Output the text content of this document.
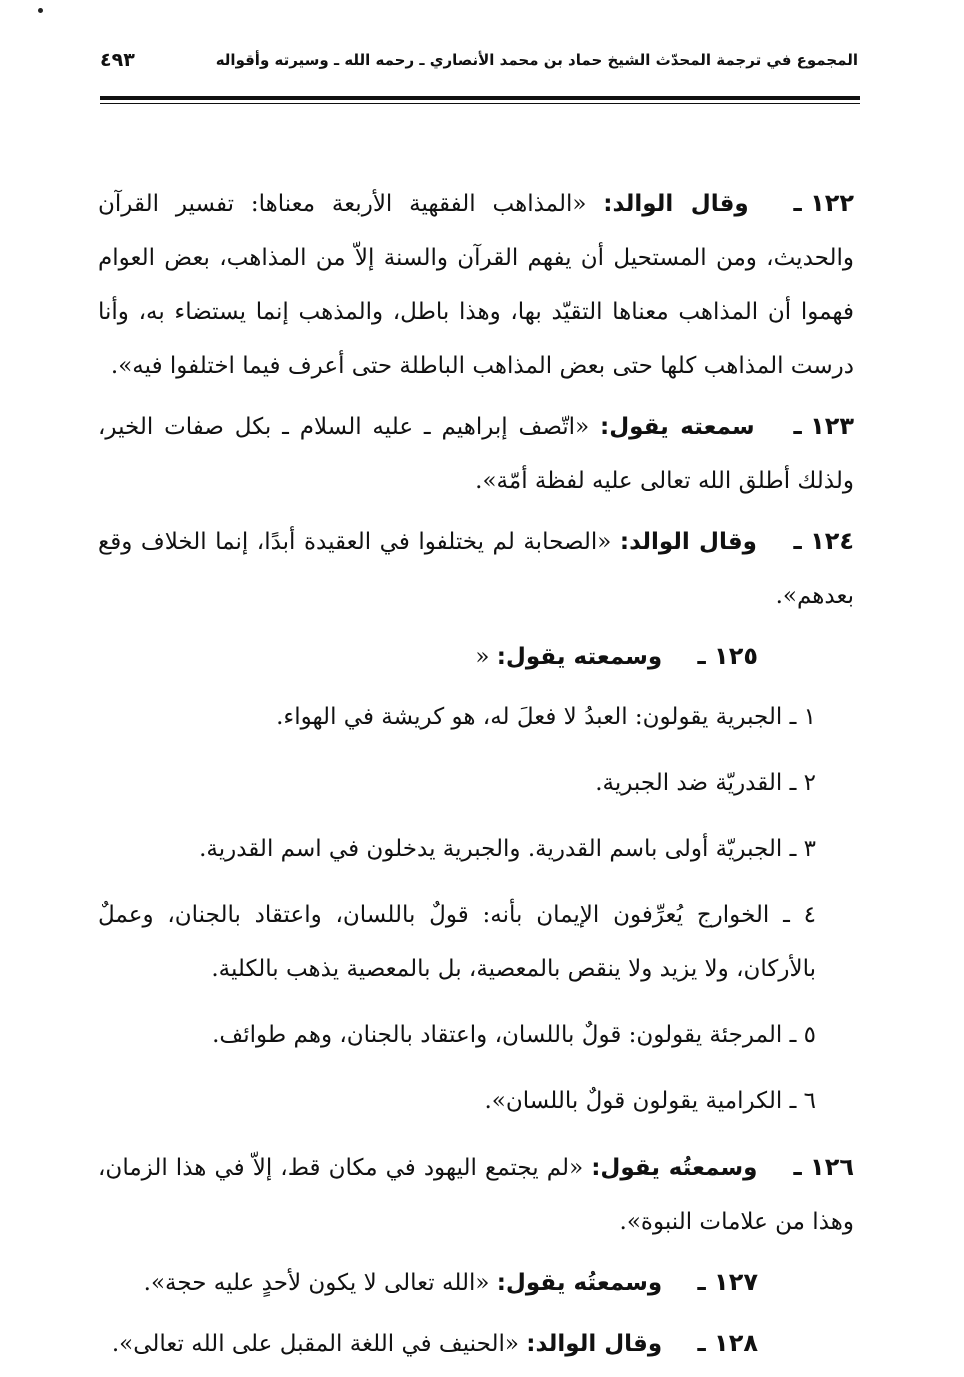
المجموع في ترجمة المحدّث الشيخ حماد بن محمد الأنصاري ـ رحمه الله ـ وسيرته وأقواله
٤٩٣

١٢٢ ـ وقال الوالد: «المذاهب الفقهية الأربعة معناها: تفسير القرآن والحديث، ومن المستحيل أن يفهم القرآن والسنة إلاّ من المذاهب، بعض العوام فهموا أن المذاهب معناها التقيّد بها، وهذا باطل، والمذهب إنما يستضاء به، وأنا درست المذاهب كلها حتى بعض المذاهب الباطلة حتى أعرف فيما اختلفوا فيه».

١٢٣ ـ سمعته يقول: «اتّصف إبراهيم ـ عليه السلام ـ بكل صفات الخير، ولذلك أطلق الله تعالى عليه لفظة أمّة».

١٢٤ ـ وقال الوالد: «الصحابة لم يختلفوا في العقيدة أبدًا، إنما الخلاف وقع بعدهم».

١٢٥ ـ وسمعته يقول: «

١ ـ الجبرية يقولون: العبدُ لا فعلَ له، هو كريشة في الهواء.
٢ ـ القدريّة ضد الجبرية.
٣ ـ الجبريّة أولى باسم القدرية. والجبرية يدخلون في اسم القدرية.
٤ ـ الخوارج يُعرِّفون الإيمان بأنه: قولٌ باللسان، واعتقاد بالجنان، وعملٌ بالأركان، ولا يزيد ولا ينقص بالمعصية، بل بالمعصية يذهب بالكلية.
٥ ـ المرجئة يقولون: قولٌ باللسان، واعتقاد بالجنان، وهم طوائف.
٦ ـ الكرامية يقولون قولٌ باللسان».

١٢٦ ـ وسمعتُه يقول: «لم يجتمع اليهود في مكان قط، إلاّ في هذا الزمان، وهذا من علامات النبوة».

١٢٧ ـ وسمعتُه يقول: «الله تعالى لا يكون لأحدٍ عليه حجة».

١٢٨ ـ وقال الوالد: «الحنيف في اللغة المقبل على الله تعالى».
